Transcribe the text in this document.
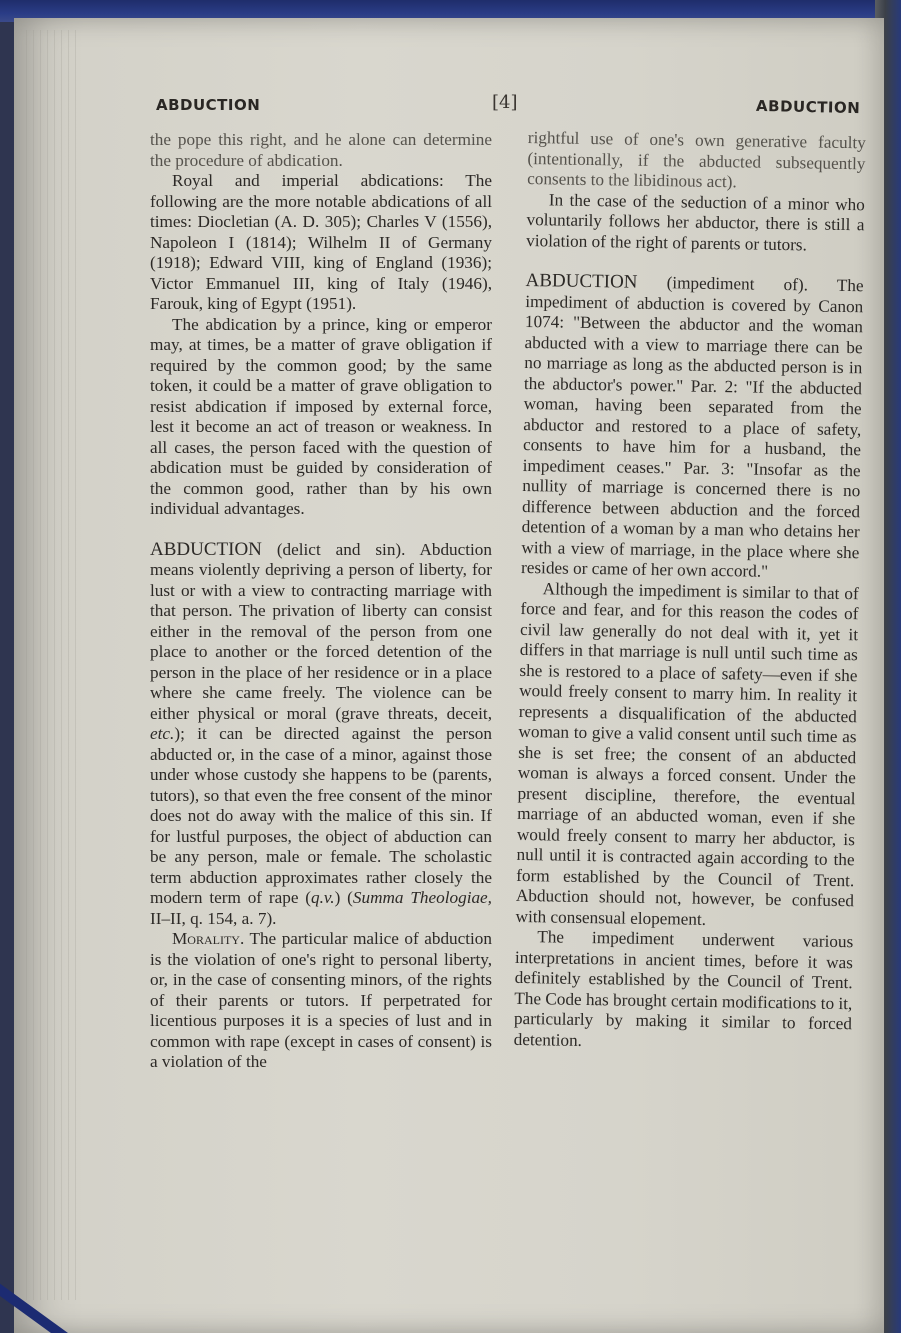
ABDUCTION	[4]	ABDUCTION

the pope this right, and he alone can determine the procedure of abdication.

Royal and imperial abdications: The following are the more notable abdications of all times: Diocletian (A. D. 305); Charles V (1556), Napoleon I (1814); Wilhelm II of Germany (1918); Edward VIII, king of England (1936); Victor Emmanuel III, king of Italy (1946), Farouk, king of Egypt (1951).

The abdication by a prince, king or emperor may, at times, be a matter of grave obligation if required by the common good; by the same token, it could be a matter of grave obligation to resist abdication if imposed by external force, lest it become an act of treason or weakness. In all cases, the person faced with the question of abdication must be guided by consideration of the common good, rather than by his own individual advantages.

ABDUCTION (delict and sin). Abduction means violently depriving a person of liberty, for lust or with a view to contracting marriage with that person. The privation of liberty can consist either in the removal of the person from one place to another or the forced detention of the person in the place of her residence or in a place where she came freely. The violence can be either physical or moral (grave threats, deceit, etc.); it can be directed against the person abducted or, in the case of a minor, against those under whose custody she happens to be (parents, tutors), so that even the free consent of the minor does not do away with the malice of this sin. If for lustful purposes, the object of abduction can be any person, male or female. The scholastic term abduction approximates rather closely the modern term of rape (q.v.) (Summa Theologiae, II–II, q. 154, a. 7).

Morality. The particular malice of abduction is the violation of one's right to personal liberty, or, in the case of consenting minors, of the rights of their parents or tutors. If perpetrated for licentious purposes it is a species of lust and in common with rape (except in cases of consent) is a violation of the

rightful use of one's own generative faculty (intentionally, if the abducted subsequently consents to the libidinous act).

In the case of the seduction of a minor who voluntarily follows her abductor, there is still a violation of the right of parents or tutors.

ABDUCTION (impediment of). The impediment of abduction is covered by Canon 1074: "Between the abductor and the woman abducted with a view to marriage there can be no marriage as long as the abducted person is in the abductor's power." Par. 2: "If the abducted woman, having been separated from the abductor and restored to a place of safety, consents to have him for a husband, the impediment ceases." Par. 3: "Insofar as the nullity of marriage is concerned there is no difference between abduction and the forced detention of a woman by a man who detains her with a view of marriage, in the place where she resides or came of her own accord."

Although the impediment is similar to that of force and fear, and for this reason the codes of civil law generally do not deal with it, yet it differs in that marriage is null until such time as she is restored to a place of safety—even if she would freely consent to marry him. In reality it represents a disqualification of the abducted woman to give a valid consent until such time as she is set free; the consent of an abducted woman is always a forced consent. Under the present discipline, therefore, the eventual marriage of an abducted woman, even if she would freely consent to marry her abductor, is null until it is contracted again according to the form established by the Council of Trent. Abduction should not, however, be confused with consensual elopement.

The impediment underwent various interpretations in ancient times, before it was definitely established by the Council of Trent. The Code has brought certain modifications to it, particularly by making it similar to forced detention.
